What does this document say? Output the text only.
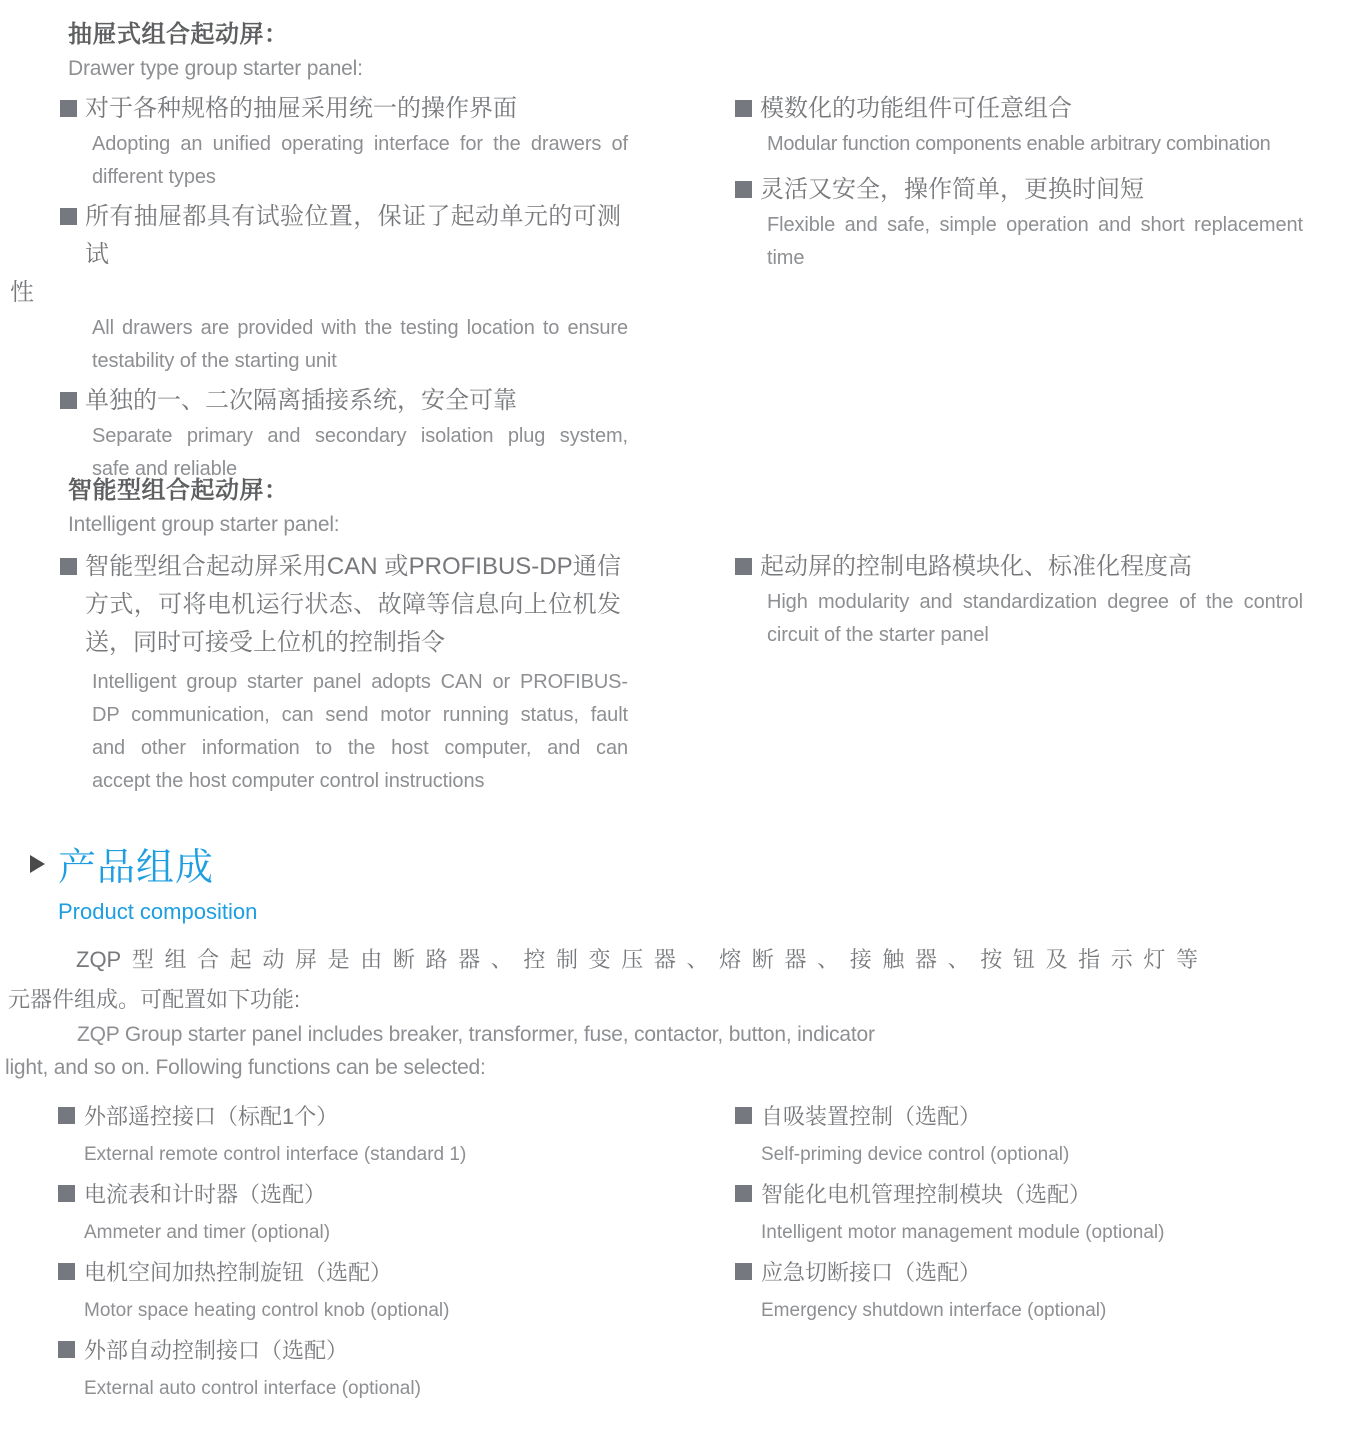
抽屉式组合起动屏：
Drawer type group starter panel:
对于各种规格的抽屉采用统一的操作界面
Adopting an unified operating interface for the drawers of
different types
所有抽屉都具有试验位置，保证了起动单元的可测试
性
All drawers are provided with the testing location to ensure
testability of the starting unit
单独的一、二次隔离插接系统，安全可靠
Separate primary and secondary isolation plug system,
safe and reliable
模数化的功能组件可任意组合
Modular function components enable arbitrary combination
灵活又安全，操作简单，更换时间短
Flexible and safe, simple operation and short replacement
time
智能型组合起动屏：
Intelligent group starter panel:
智能型组合起动屏采用CAN 或PROFIBUS-DP通信
方式，可将电机运行状态、故障等信息向上位机发
送，同时可接受上位机的控制指令
Intelligent group starter panel adopts CAN or PROFIBUS-
DP communication, can send motor running status, fault
and other information to the host computer, and can
accept the host computer control instructions
起动屏的控制电路模块化、标准化程度高
High modularity and standardization degree of the control
circuit of the starter panel
产品组成
Product composition
ZQP型组合起动屏是由断路器、控制变压器、熔断器、接触器、按钮及指示灯等
元器件组成。可配置如下功能:
ZQP Group starter panel includes breaker, transformer, fuse, contactor, button, indicator
light, and so on. Following functions can be selected:
外部遥控接口（标配1个）
External remote control interface (standard 1)
电流表和计时器（选配）
Ammeter and timer (optional)
电机空间加热控制旋钮（选配）
Motor space heating control knob (optional)
外部自动控制接口（选配）
External auto control interface (optional)
自吸装置控制（选配）
Self-priming device control (optional)
智能化电机管理控制模块（选配）
Intelligent motor management module (optional)
应急切断接口（选配）
Emergency shutdown interface (optional)
